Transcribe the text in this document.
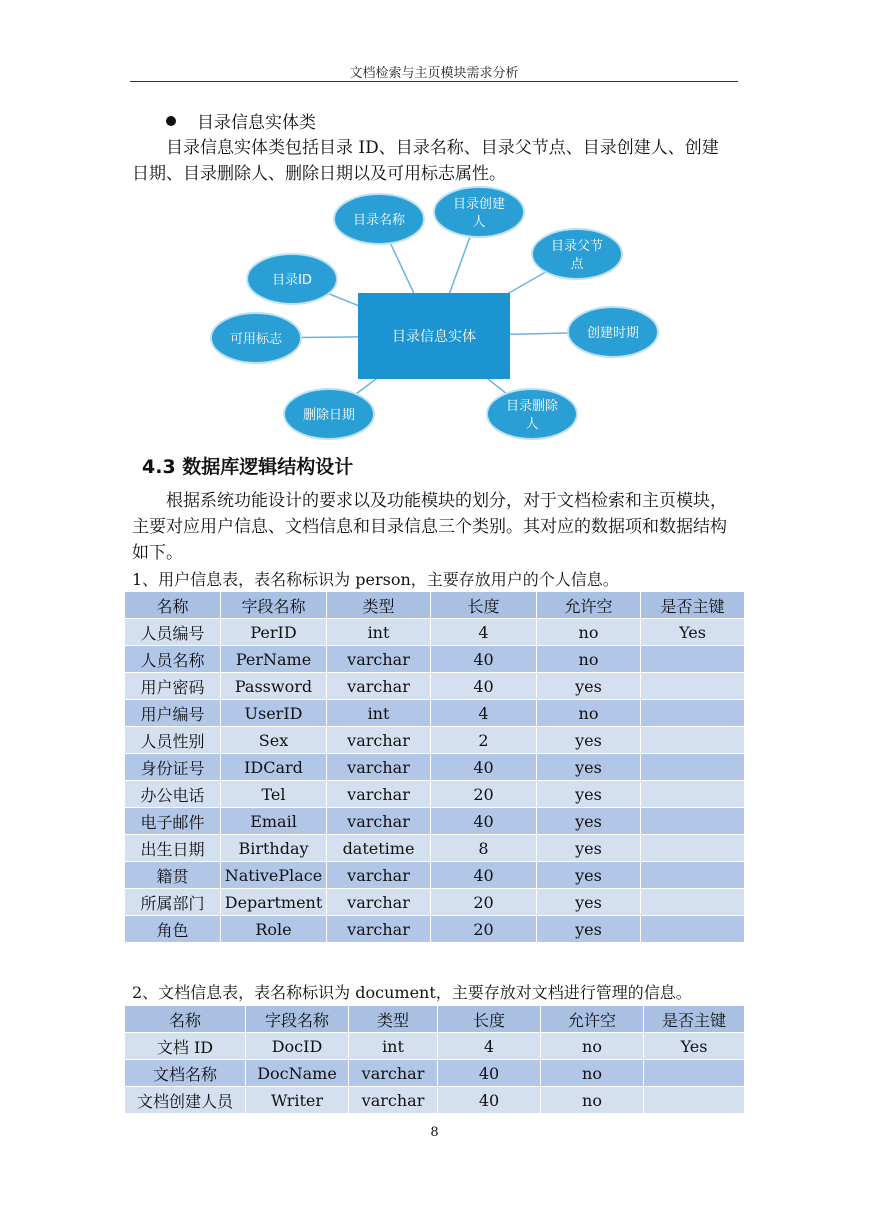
文档检索与主页模块需求分析
目录信息实体类
目录信息实体类包括目录 ID、目录名称、目录父节点、目录创建人、创建
日期、目录删除人、删除日期以及可用标志属性。
目录信息实体
目录名称
目录创建
人
目录父节
点
目录ID
创建时期
可用标志
删除日期
目录删除
人
4.3 数据库逻辑结构设计
根据系统功能设计的要求以及功能模块的划分，对于文档检索和主页模块，
主要对应用户信息、文档信息和目录信息三个类别。其对应的数据项和数据结构
如下。
1、用户信息表，表名称标识为 person，主要存放用户的个人信息。
名称	字段名称	类型	长度	允许空	是否主键
人员编号	PerID	int	4	no	Yes
人员名称	PerName	varchar	40	no	
用户密码	Password	varchar	40	yes	
用户编号	UserID	int	4	no	
人员性别	Sex	varchar	2	yes	
身份证号	IDCard	varchar	40	yes	
办公电话	Tel	varchar	20	yes	
电子邮件	Email	varchar	40	yes	
出生日期	Birthday	datetime	8	yes	
籍贯	NativePlace	varchar	40	yes	
所属部门	Department	varchar	20	yes	
角色	Role	varchar	20	yes	
2、文档信息表，表名称标识为 document，主要存放对文档进行管理的信息。
名称	字段名称	类型	长度	允许空	是否主键
文档 ID	DocID	int	4	no	Yes
文档名称	DocName	varchar	40	no	
文档创建人员	Writer	varchar	40	no	
8
